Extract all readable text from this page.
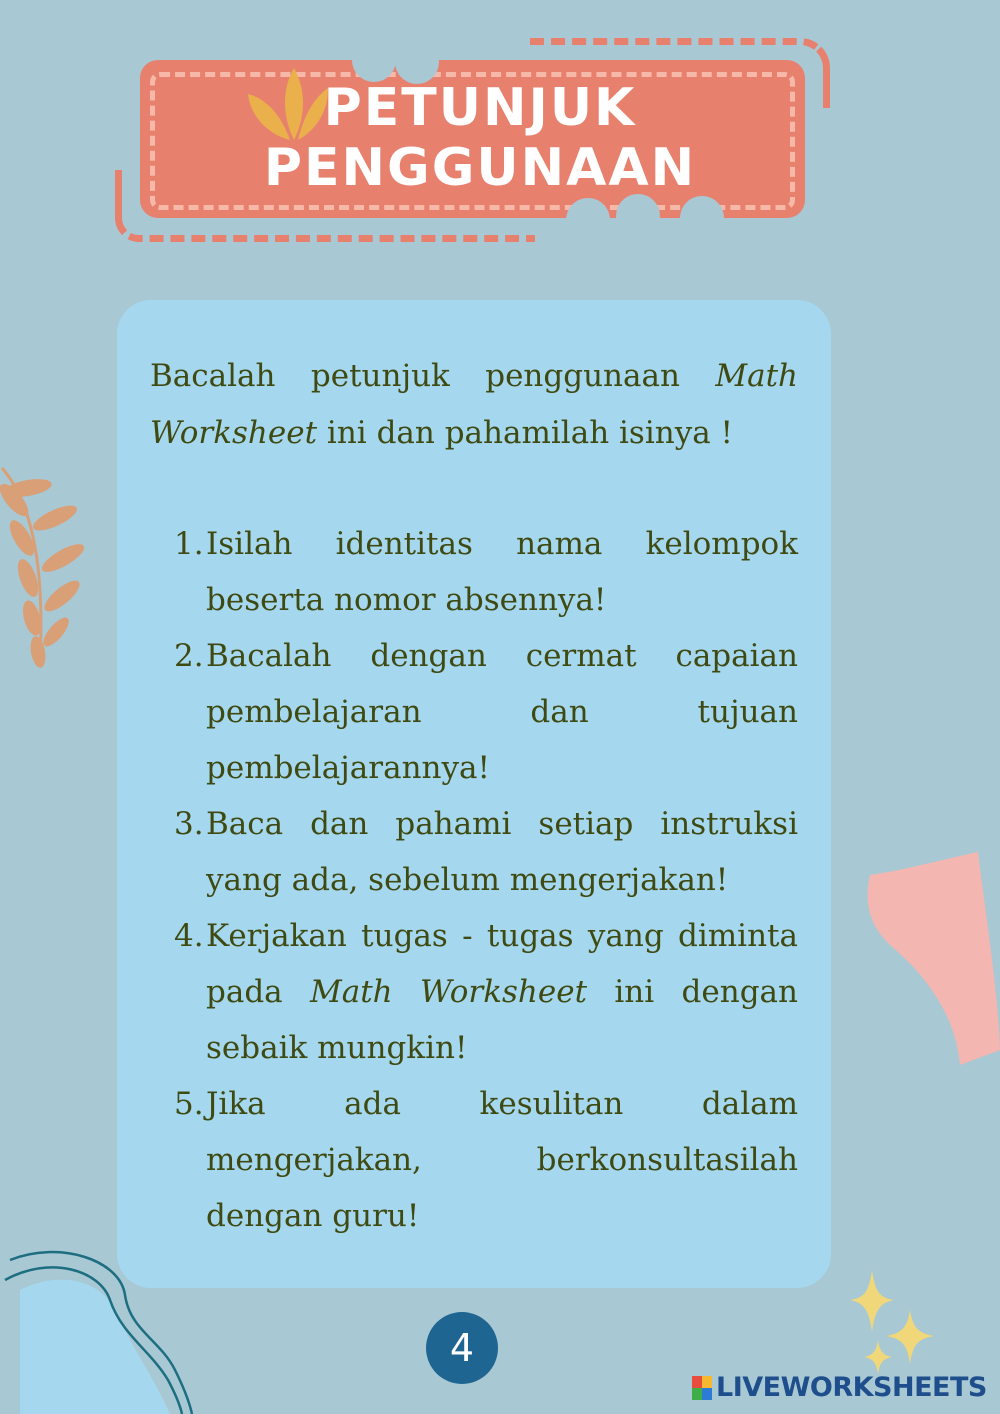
PETUNJUK
PENGGUNAAN

Bacalah petunjuk penggunaan Math Worksheet ini dan pahamilah isinya !

1. Isilah identitas nama kelompok beserta nomor absennya!
2. Bacalah dengan cermat capaian pembelajaran dan tujuan pembelajarannya!
3. Baca dan pahami setiap instruksi yang ada, sebelum mengerjakan!
4. Kerjakan tugas - tugas yang diminta pada Math Worksheet ini dengan sebaik mungkin!
5. Jika ada kesulitan dalam mengerjakan, berkonsultasilah dengan guru!
4
LIVEWORKSHEETS
